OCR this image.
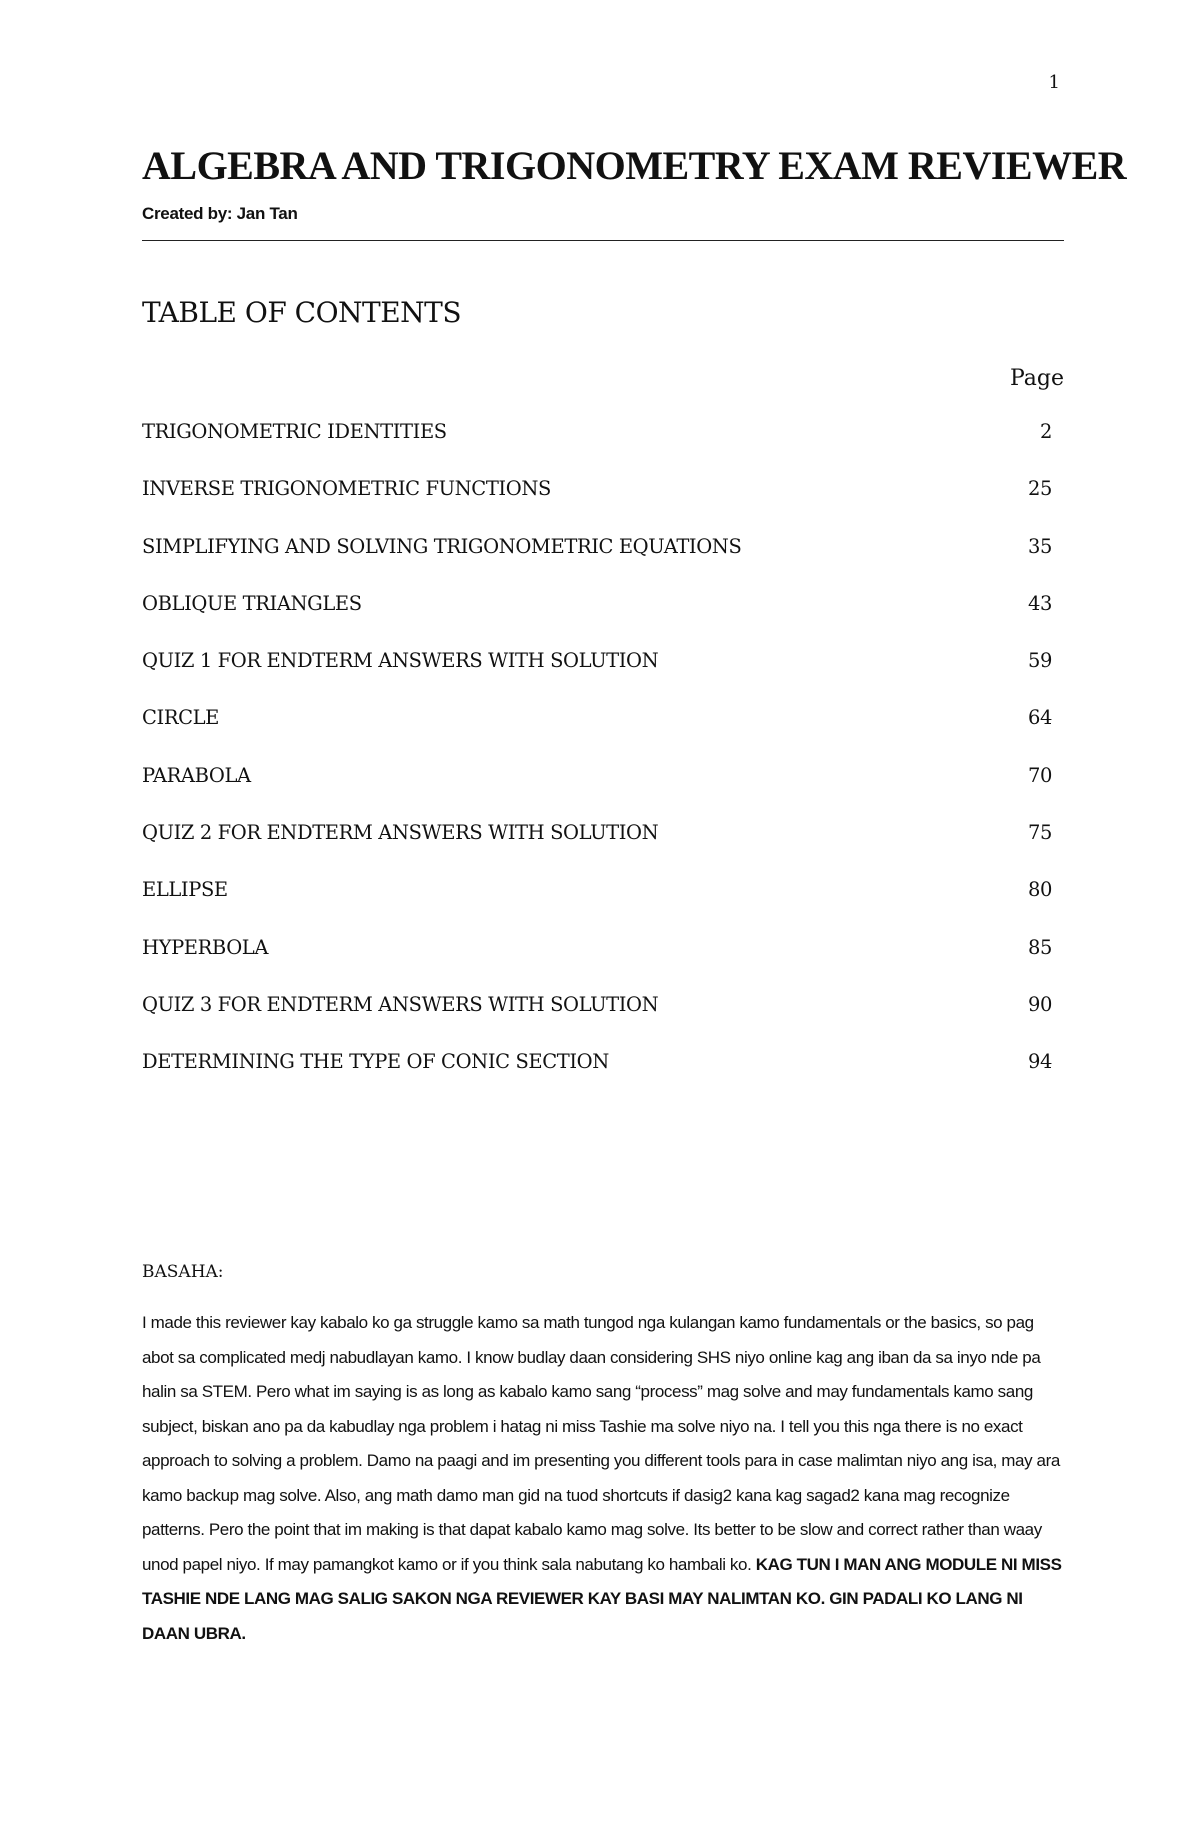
1
ALGEBRA AND TRIGONOMETRY EXAM REVIEWER
Created by: Jan Tan
TABLE OF CONTENTS
Page
TRIGONOMETRIC IDENTITIES	2
INVERSE TRIGONOMETRIC FUNCTIONS	25
SIMPLIFYING AND SOLVING TRIGONOMETRIC EQUATIONS	35
OBLIQUE TRIANGLES	43
QUIZ 1 FOR ENDTERM ANSWERS WITH SOLUTION	59
CIRCLE	64
PARABOLA	70
QUIZ 2 FOR ENDTERM ANSWERS WITH SOLUTION	75
ELLIPSE	80
HYPERBOLA	85
QUIZ 3 FOR ENDTERM ANSWERS WITH SOLUTION	90
DETERMINING THE TYPE OF CONIC SECTION	94
BASAHA:

I made this reviewer kay kabalo ko ga struggle kamo sa math tungod nga kulangan kamo fundamentals or the basics, so pag abot sa complicated medj nabudlayan kamo. I know budlay daan considering SHS niyo online kag ang iban da sa inyo nde pa halin sa STEM. Pero what im saying is as long as kabalo kamo sang “process” mag solve and may fundamentals kamo sang subject, biskan ano pa da kabudlay nga problem i hatag ni miss Tashie ma solve niyo na. I tell you this nga there is no exact approach to solving a problem. Damo na paagi and im presenting you different tools para in case malimtan niyo ang isa, may ara kamo backup mag solve. Also, ang math damo man gid na tuod shortcuts if dasig2 kana kag sagad2 kana mag recognize patterns. Pero the point that im making is that dapat kabalo kamo mag solve. Its better to be slow and correct rather than waay unod papel niyo. If may pamangkot kamo or if you think sala nabutang ko hambali ko. KAG TUN I MAN ANG MODULE NI MISS TASHIE NDE LANG MAG SALIG SAKON NGA REVIEWER KAY BASI MAY NALIMTAN KO. GIN PADALI KO LANG NI DAAN UBRA.
